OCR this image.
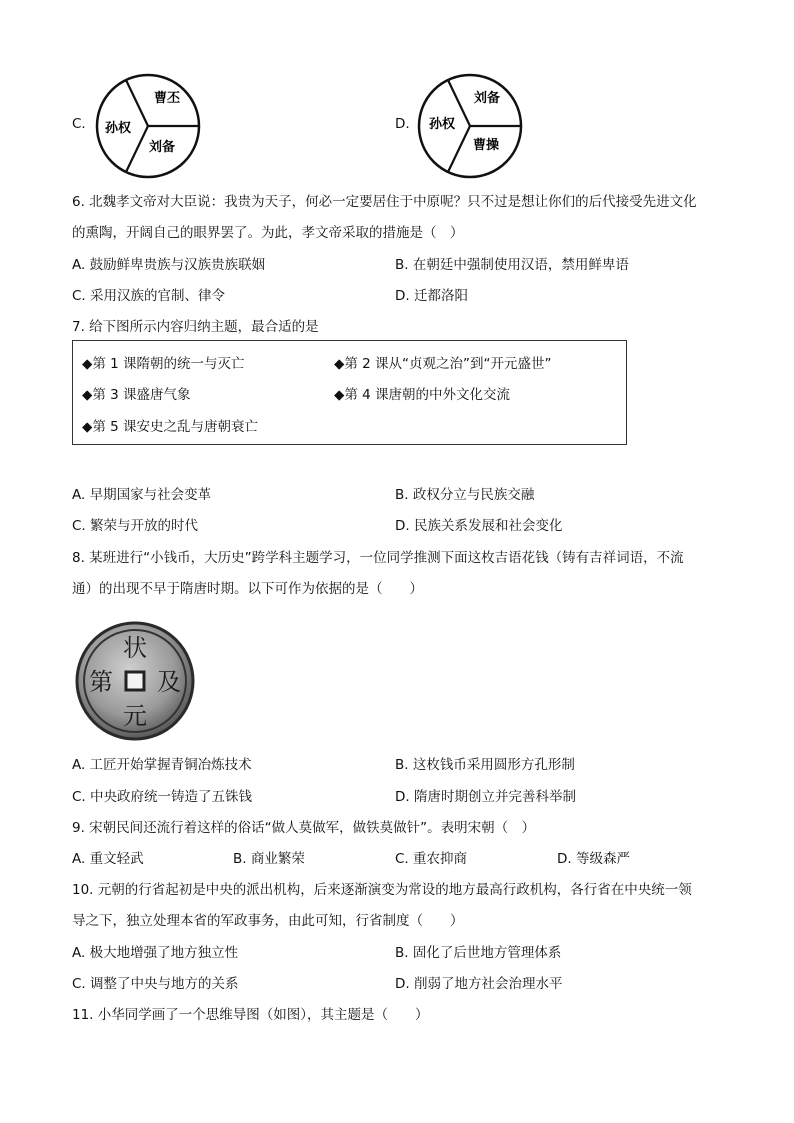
C.
曹丕
孙权
刘备
D.
刘备
孙权
曹操
6. 北魏孝文帝对大臣说：我贵为天子，何必一定要居住于中原呢？只不过是想让你们的后代接受先进文化
的熏陶，开阔自己的眼界罢了。为此，孝文帝采取的措施是（　）
A. 鼓励鲜卑贵族与汉族贵族联姻	B. 在朝廷中强制使用汉语，禁用鲜卑语
C. 采用汉族的官制、律令	D. 迁都洛阳
7. 给下图所示内容归纳主题，最合适的是
◆第 1 课隋朝的统一与灭亡	◆第 2 课从“贞观之治”到“开元盛世”
◆第 3 课盛唐气象	◆第 4 课唐朝的中外文化交流
◆第 5 课安史之乱与唐朝衰亡
A. 早期国家与社会变革	B. 政权分立与民族交融
C. 繁荣与开放的时代	D. 民族关系发展和社会变化
8. 某班进行“小钱币，大历史”跨学科主题学习，一位同学推测下面这枚吉语花钱（铸有吉祥词语，不流
通）的出现不早于隋唐时期。以下可作为依据的是（　　）
状
第 及
元
A. 工匠开始掌握青铜冶炼技术	B. 这枚钱币采用圆形方孔形制
C. 中央政府统一铸造了五铢钱	D. 隋唐时期创立并完善科举制
9. 宋朝民间还流行着这样的俗话“做人莫做军，做铁莫做针”。表明宋朝（　）
A. 重文轻武	B. 商业繁荣	C. 重农抑商	D. 等级森严
10. 元朝的行省起初是中央的派出机构，后来逐渐演变为常设的地方最高行政机构，各行省在中央统一领
导之下，独立处理本省的军政事务，由此可知，行省制度（　　）
A. 极大地增强了地方独立性	B. 固化了后世地方管理体系
C. 调整了中央与地方的关系	D. 削弱了地方社会治理水平
11. 小华同学画了一个思维导图（如图），其主题是（　　）
